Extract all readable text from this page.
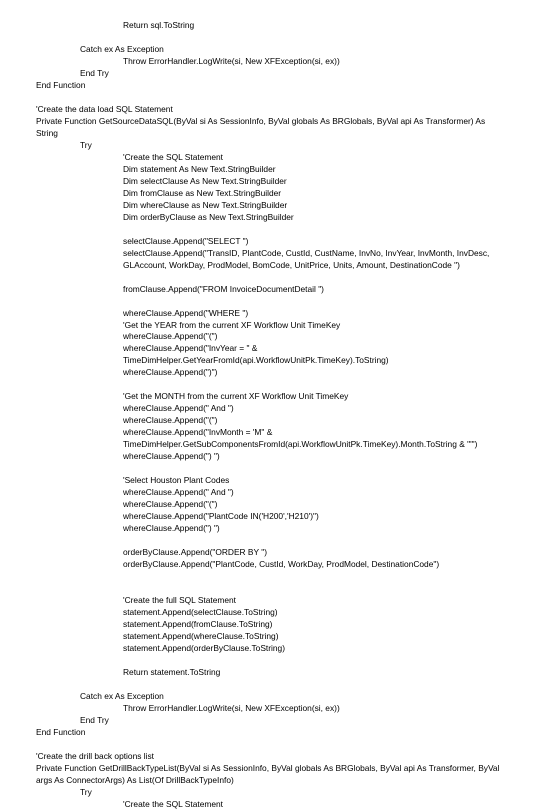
Return sql.ToString
Catch ex As Exception
Throw ErrorHandler.LogWrite(si, New XFException(si, ex))
End Try
End Function
'Create the data load SQL Statement
Private Function GetSourceDataSQL(ByVal si As SessionInfo, ByVal globals As BRGlobals, ByVal api As Transformer) As
String
Try
'Create the SQL Statement
Dim statement As New Text.StringBuilder
Dim selectClause As New Text.StringBuilder
Dim fromClause as New Text.StringBuilder
Dim whereClause as New Text.StringBuilder
Dim orderByClause as New Text.StringBuilder
selectClause.Append("SELECT ")
selectClause.Append("TransID, PlantCode, CustId, CustName, InvNo, InvYear, InvMonth, InvDesc,
GLAccount, WorkDay, ProdModel, BomCode, UnitPrice, Units, Amount, DestinationCode ")
fromClause.Append("FROM InvoiceDocumentDetail ")
whereClause.Append("WHERE ")
'Get the YEAR from the current XF Workflow Unit TimeKey
whereClause.Append("(")
whereClause.Append("InvYear = " &
TimeDimHelper.GetYearFromId(api.WorkflowUnitPk.TimeKey).ToString)
whereClause.Append(")")
'Get the MONTH from the current XF Workflow Unit TimeKey
whereClause.Append(" And ")
whereClause.Append("(")
whereClause.Append("InvMonth = 'M" &
TimeDimHelper.GetSubComponentsFromId(api.WorkflowUnitPk.TimeKey).Month.ToString & "'")
whereClause.Append(") ")
'Select Houston Plant Codes
whereClause.Append(" And ")
whereClause.Append("(")
whereClause.Append("PlantCode IN('H200','H210')")
whereClause.Append(") ")
orderByClause.Append("ORDER BY ")
orderByClause.Append("PlantCode, CustId, WorkDay, ProdModel, DestinationCode")
'Create the full SQL Statement
statement.Append(selectClause.ToString)
statement.Append(fromClause.ToString)
statement.Append(whereClause.ToString)
statement.Append(orderByClause.ToString)
Return statement.ToString
Catch ex As Exception
Throw ErrorHandler.LogWrite(si, New XFException(si, ex))
End Try
End Function
'Create the drill back options list
Private Function GetDrillBackTypeList(ByVal si As SessionInfo, ByVal globals As BRGlobals, ByVal api As Transformer, ByVal
args As ConnectorArgs) As List(Of DrillBackTypeInfo)
Try
'Create the SQL Statement
